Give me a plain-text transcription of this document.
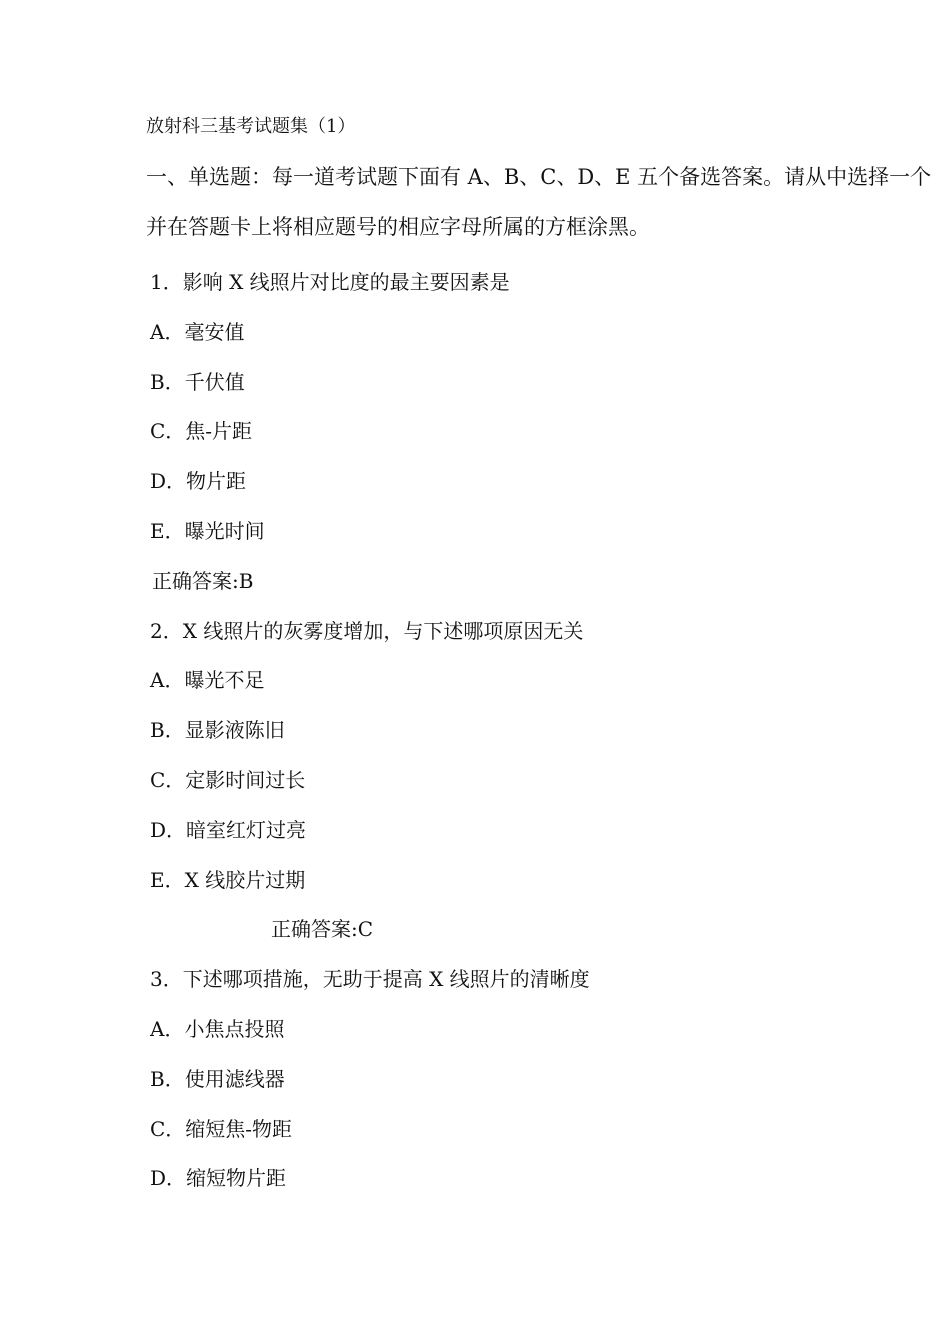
放射科三基考试题集（1）
一、单选题：每一道考试题下面有 A、B、C、D、E 五个备选答案。请从中选择一个
并在答题卡上将相应题号的相应字母所属的方框涂黑。
1．影响 X 线照片对比度的最主要因素是
A．毫安值
B．千伏值
C．焦-片距
D．物片距
E．曝光时间
正确答案:B
2．X 线照片的灰雾度增加，与下述哪项原因无关
A．曝光不足
B．显影液陈旧
C．定影时间过长
D．暗室红灯过亮
E．X 线胶片过期
正确答案:C
3．下述哪项措施，无助于提高 X 线照片的清晰度
A．小焦点投照
B．使用滤线器
C．缩短焦-物距
D．缩短物片距
